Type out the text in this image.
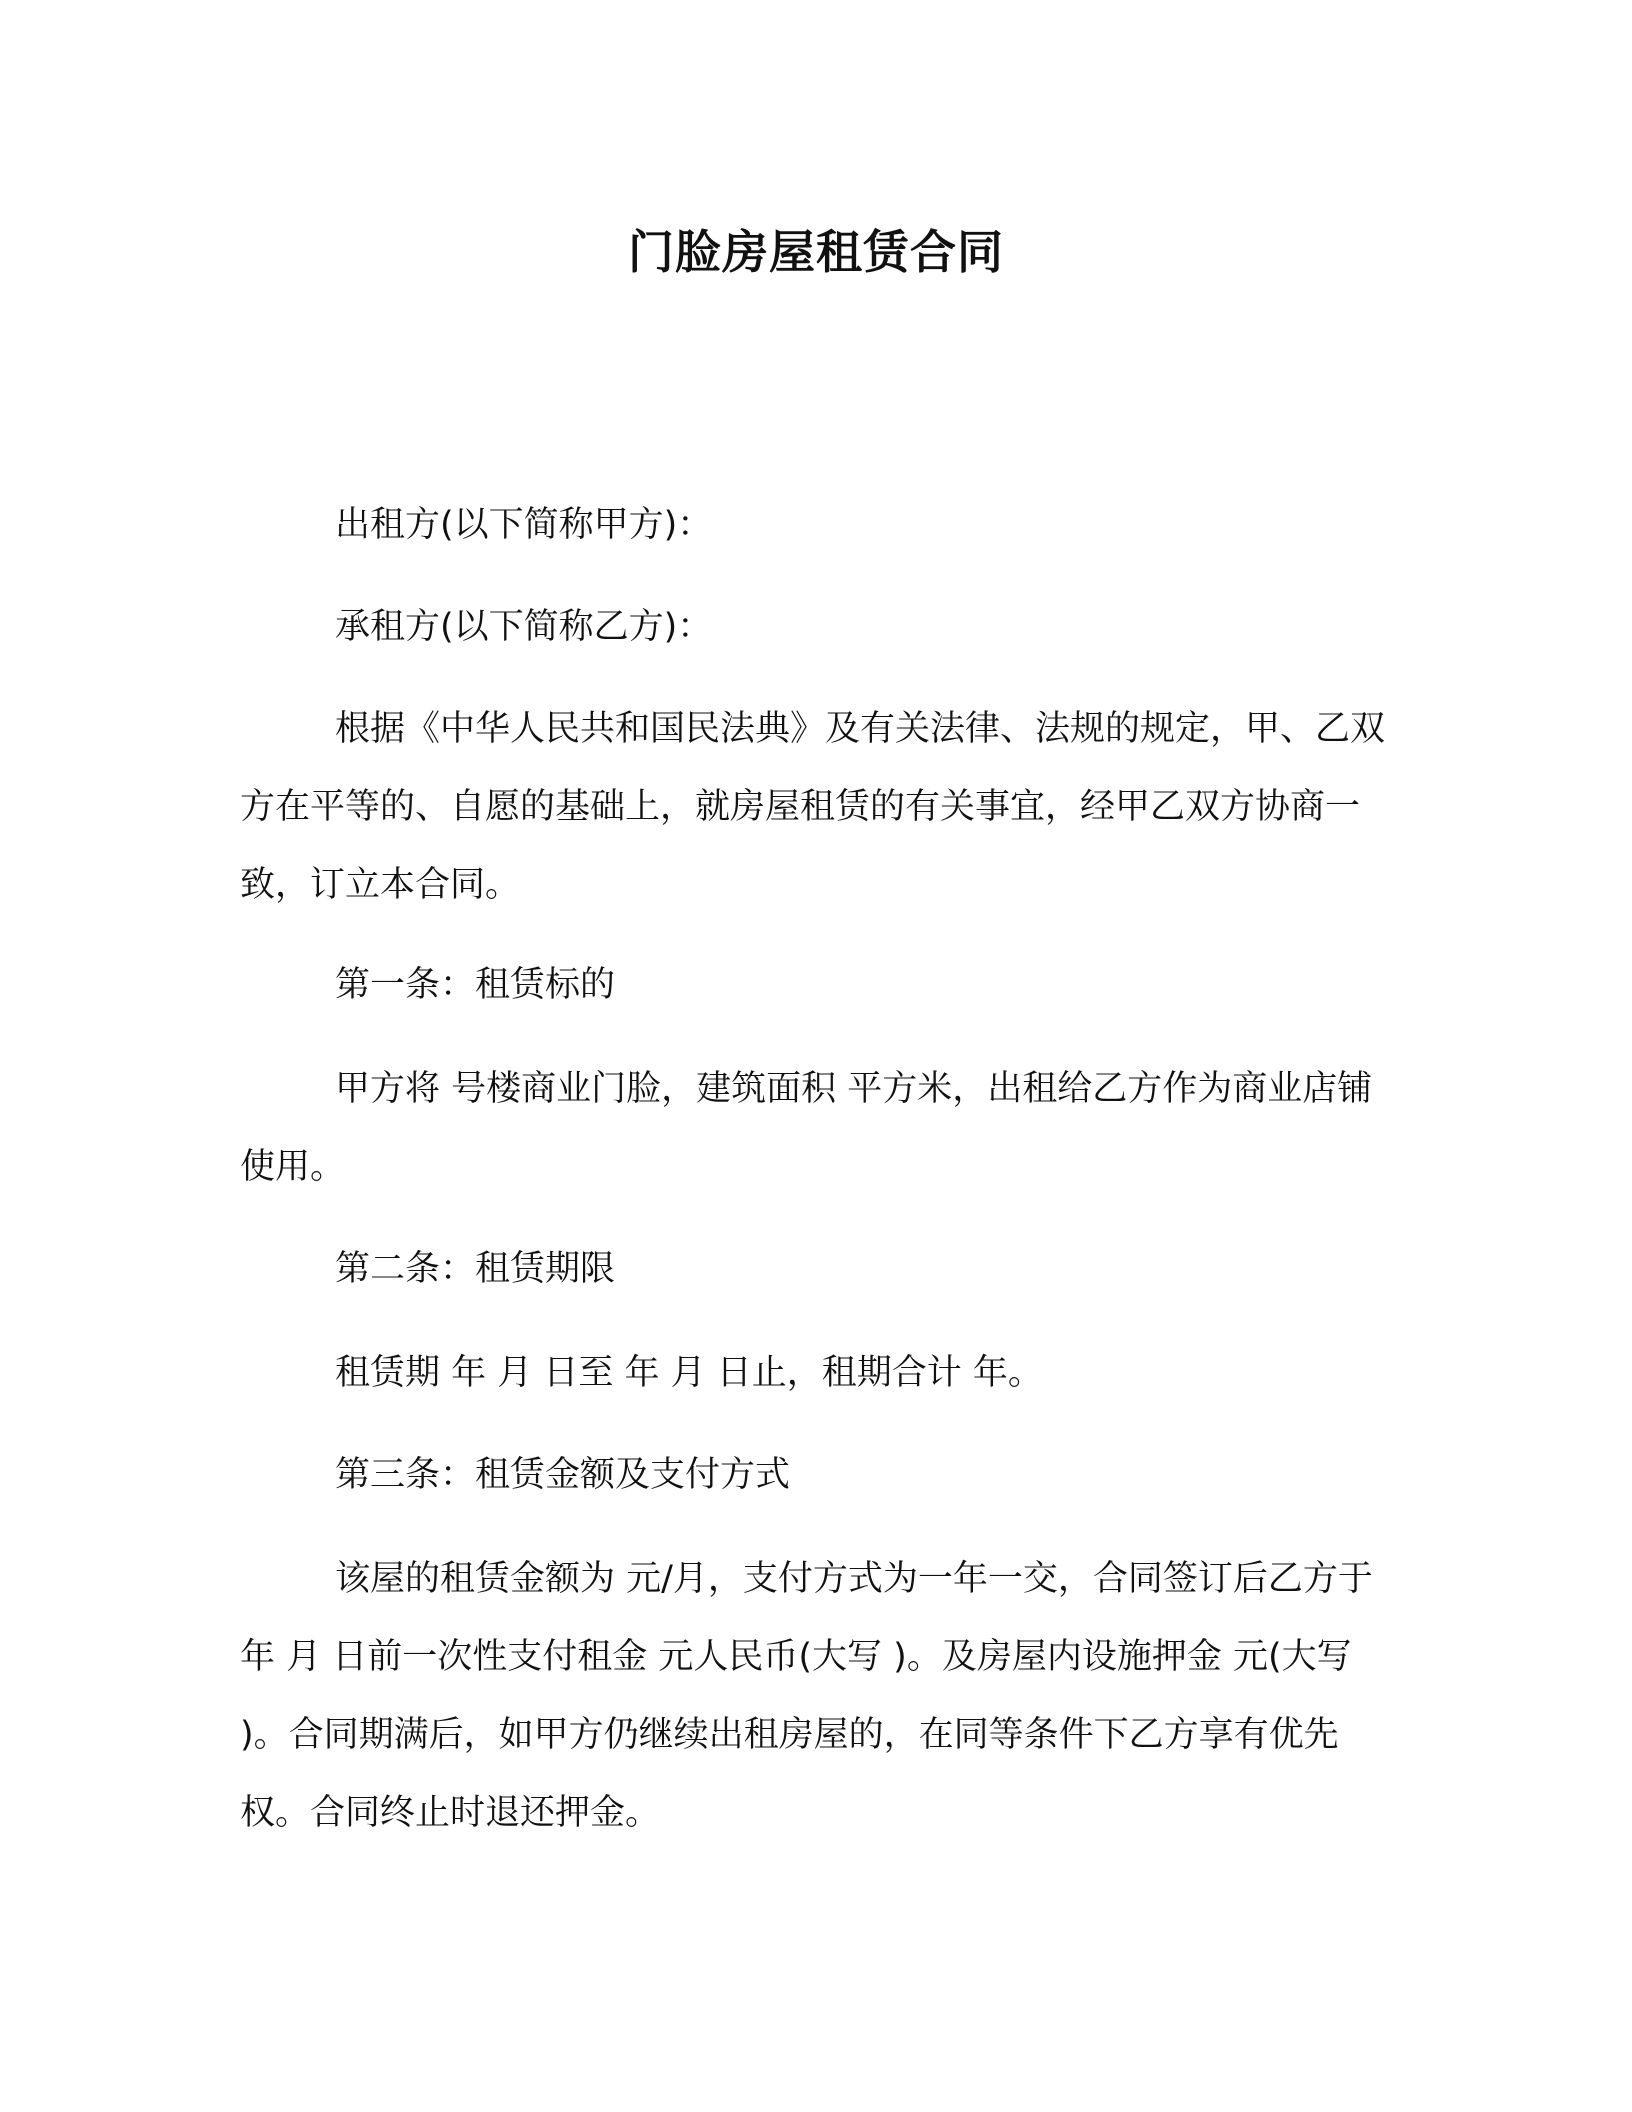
门脸房屋租赁合同
出租方(以下简称甲方)：
承租方(以下简称乙方)：
根据《中华人民共和国民法典》及有关法律、法规的规定，甲、乙双方在平等的、自愿的基础上，就房屋租赁的有关事宜，经甲乙双方协商一致，订立本合同。
第一条：租赁标的
甲方将 号楼商业门脸，建筑面积 平方米，出租给乙方作为商业店铺使用。
第二条：租赁期限
租赁期 年 月 日至 年 月 日止，租期合计 年。
第三条：租赁金额及支付方式
该屋的租赁金额为 元/月，支付方式为一年一交，合同签订后乙方于 年 月 日前一次性支付租金 元人民币(大写 )。及房屋内设施押金 元(大写 )。合同期满后，如甲方仍继续出租房屋的，在同等条件下乙方享有优先权。合同终止时退还押金。
